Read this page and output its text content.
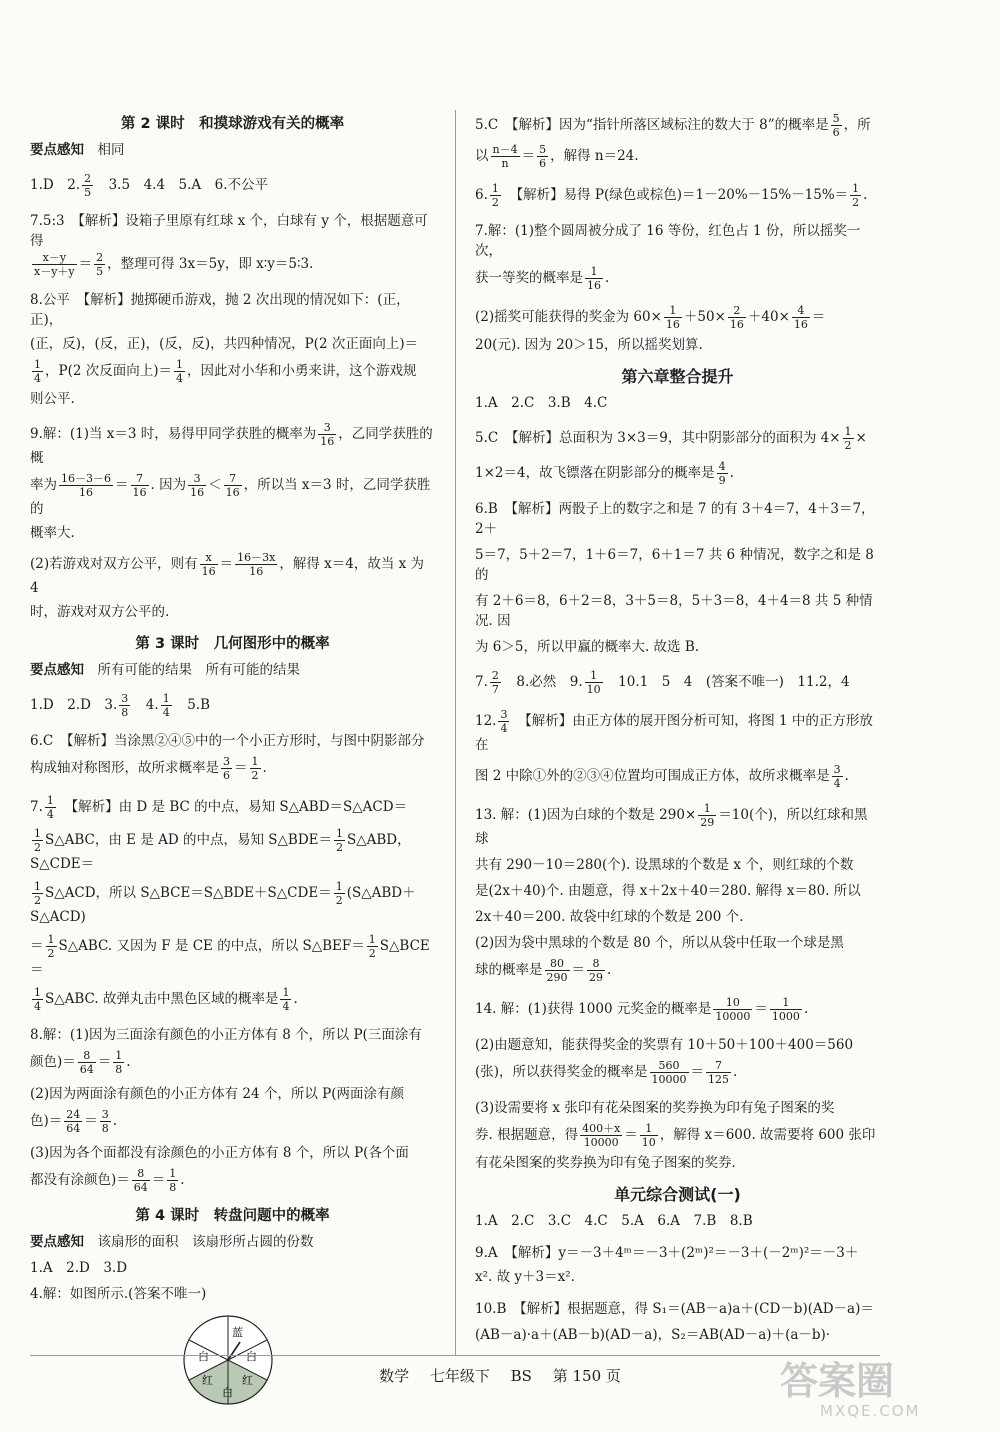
第 2 课时　和摸球游戏有关的概率
要点感知　 相同
1.D　2. $\frac{2}{5}$
　 3.5　4.4　5.A　6.不公平
7.5:3　【解析】设箱子里原有红球 x 个，白球有 y 个，根据题意可得
$\frac{x-y}{x-y+y} = \frac{2}{5}$ ，整理可得 3x＝5y，即 x∶y＝5∶3.
8.公平　【解析】抛掷硬币游戏，抛 2 次出现的情况如下：(正，正)，
(正，反)，(反，正)，(反，反)，共四种情况，P(2 次正面向上)＝
$\frac{1}{4}$ ，P(2 次反面向上)＝ $\frac{1}{4}$ ，因此对小华和小勇来讲，这个游戏规
则公平.
9.解：(1)当 x＝3 时，易得甲同学获胜的概率为 $\frac{3}{16}$ ，乙同学获胜的概
率为 $\frac{16-3-6}{16} = \frac{7}{16}$ . 因为 $\frac{3}{16} < \frac{7}{16}$ ，所以当 x＝3 时，乙同学获胜的
概率大.
(2)若游戏对双方公平，则有 $\frac{x}{16} = \frac{16-3x}{16}$ ，解得 x＝4，故当 x 为 4
时，游戏对双方公平的.
第 3 课时　几何图形中的概率
要点感知　 所有可能的结果　所有可能的结果
1.D　2.D　3. $\frac{3}{8}$
　 4. $\frac{1}{4}$
　 5.B
6.C　【解析】当涂黑②④⑤中的一个小正方形时，与图中阴影部分
构成轴对称图形，故所求概率是 $\frac{3}{6} = \frac{1}{2}$ .
7. $\frac{1}{4}$
　 【解析】由 D 是 BC 的中点，易知 S△ABD＝S△ACD＝
$\frac{1}{2}$ S△ABC，由 E 是 AD 的中点，易知 S△BDE＝ $\frac{1}{2}$ S△ABD，S△CDE＝
$\frac{1}{2}$ S△ACD，所以 S△BCE＝S△BDE＋S△CDE＝ $\frac{1}{2}$ (S△ABD＋S△ACD)
＝ $\frac{1}{2}$ S△ABC. 又因为 F 是 CE 的中点，所以 S△BEF＝ $\frac{1}{2}$ S△BCE＝
$\frac{1}{4}$ S△ABC. 故弹丸击中黑色区域的概率是 $\frac{1}{4}$ .
8.解：(1)因为三面涂有颜色的小正方体有 8 个，所以 P(三面涂有
颜色)＝ $\frac{8}{64} = \frac{1}{8}$ .
(2)因为两面涂有颜色的小正方体有 24 个，所以 P(两面涂有颜
色)＝ $\frac{24}{64} = \frac{3}{8}$ .
(3)因为各个面都没有涂颜色的小正方体有 8 个，所以 P(各个面
都没有涂颜色)＝ $\frac{8}{64} = \frac{1}{8}$ .
第 4 课时　转盘问题中的概率
要点感知　 该扇形的面积　该扇形所占圆的份数
1.A　2.D　3.D
4.解：如图所示.(答案不唯一)
蓝
白	白
红	红
白
5.C　【解析】因为“指针所落区域标注的数大于 8”的概率是 $\frac{5}{6}$ ，所
以 $\frac{n-4}{n} = \frac{5}{6}$ ，解得 n＝24.
6. $\frac{1}{2}$
　 【解析】易得 P(绿色或棕色)$=1-20\%-15\%-15\%= \frac{1}{2}$ .
7.解：(1)整个圆周被分成了 16 等份，红色占 1 份，所以摇奖一次，
获一等奖的概率是 $\frac{1}{16}$ .
(2)摇奖可能获得的奖金为 $60\times \frac{1}{16} +50\times \frac{2}{16} +40\times \frac{4}{16}$ ＝
20(元). 因为 20＞15，所以摇奖划算.
第六章整合提升
1.A　2.C　3.B　4.C
5.C　【解析】总面积为 3×3＝9，其中阴影部分的面积为 $4\times \frac{1}{2}$ ×
1×2＝4，故飞镖落在阴影部分的概率是 $\frac{4}{9}$ .
6.B　【解析】两骰子上的数字之和是 7 的有 3＋4＝7，4＋3＝7，2＋
5＝7，5＋2＝7，1＋6＝7，6＋1＝7 共 6 种情况，数字之和是 8 的
有 2＋6＝8，6＋2＝8，3＋5＝8，5＋3＝8，4＋4＝8 共 5 种情况. 因
为 6＞5，所以甲赢的概率大. 故选 B.
7. $\frac{2}{7}$
　 8.必然　9. $\frac{1}{10}$
　 10.1　5　4　(答案不唯一)　11.2，4
12. $\frac{3}{4}$
　 【解析】由正方体的展开图分析可知，将图 1 中的正方形放在
图 2 中除①外的②③④位置均可围成正方体，故所求概率是 $\frac{3}{4}$ .
13. 解：(1)因为白球的个数是 $290\times \frac{1}{29} =10$(个)，所以红球和黑球
共有 290－10＝280(个). 设黑球的个数是 x 个，则红球的个数
是(2x＋40)个. 由题意，得 x＋2x＋40＝280. 解得 x＝80. 所以
2x＋40＝200. 故袋中红球的个数是 200 个.
(2)因为袋中黑球的个数是 80 个，所以从袋中任取一个球是黑
球的概率是 $\frac{80}{290} = \frac{8}{29}$ .
14. 解：(1)获得 1000 元奖金的概率是 $\frac{10}{10000} = \frac{1}{1000}$ .
(2)由题意知，能获得奖金的奖票有 10＋50＋100＋400＝560
(张)，所以获得奖金的概率是 $\frac{560}{10000} = \frac{7}{125}$ .
(3)设需要将 x 张印有花朵图案的奖券换为印有兔子图案的奖
券. 根据题意，得 $\frac{400+x}{10000} = \frac{1}{10}$ ，解得 x＝600. 故需要将 600 张印
有花朵图案的奖券换为印有兔子图案的奖券.
单元综合测试(一)
1.A　2.C　3.C　4.C　5.A　6.A　7.B　8.B
9.A　【解析】y＝－3＋4ᵐ＝－3＋(2ᵐ)²＝－3＋(－2ᵐ)²＝－3＋
x². 故 y＋3＝x².
10.B　【解析】根据题意，得 S₁＝(AB－a)a＋(CD－b)(AD－a)＝
(AB－a)·a＋(AB－b)(AD－a)，S₂＝AB(AD－a)＋(a－b)·
数学 七年级下 BS 第 150 页	答案圈
MXQE.COM
